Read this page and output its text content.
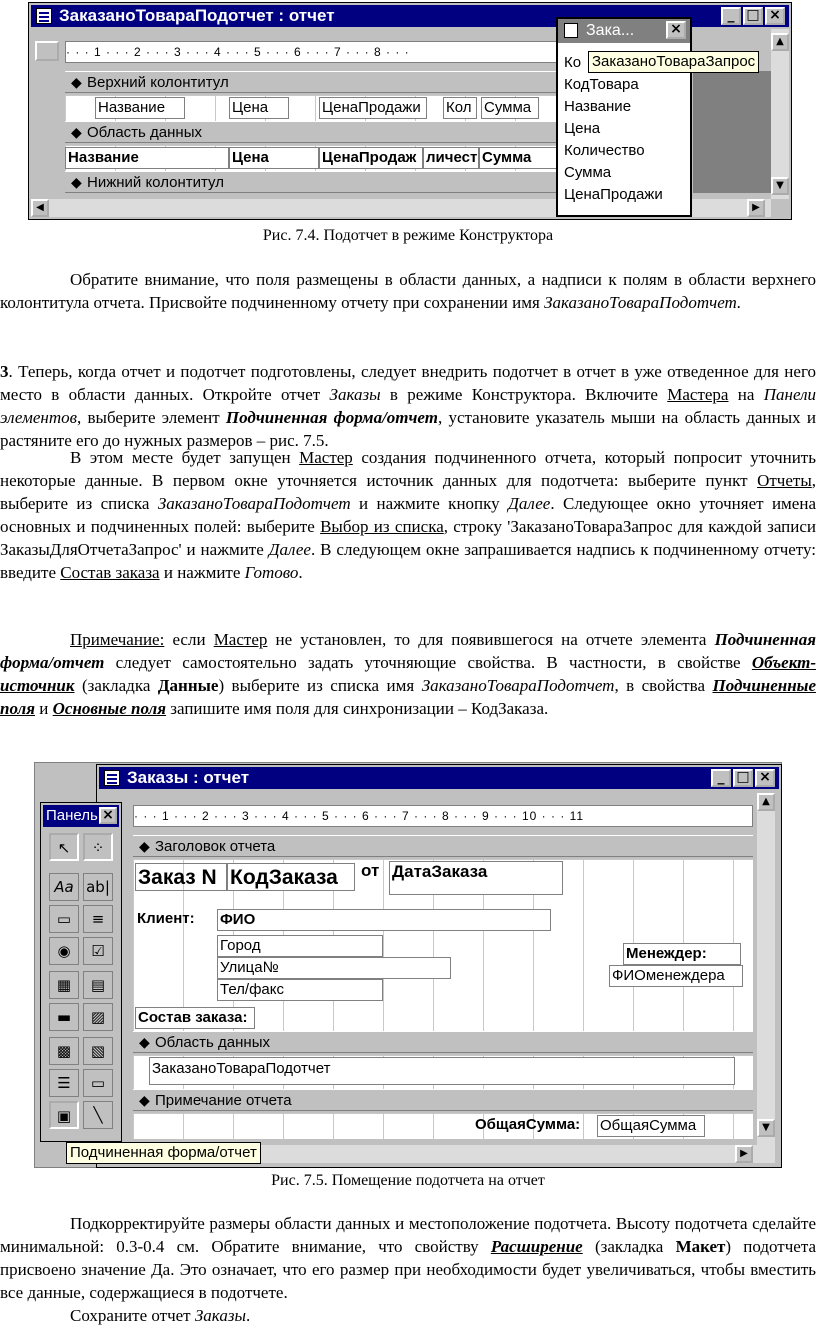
ЗаказаноТовараПодотчет : отчет	_ □ ×
· · · 1 · · · 2 · · · 3 · · · 4 · · · 5 · · · 6 · · · 7 · · · 8 · · ·
◆ Верхний колонтитул
Название	Цена	ЦенаПродажи	Кол Сумма
◆ Область данных
Название	Цена	ЦенаПродаж личест Сумма
◆ Нижний колонтитул
▲
▼
◀	▶
Зака...	×
Ко
КодТовара
Название
Цена
Количество
Сумма
ЦенаПродажи
ЗаказаноТовараЗапрос
Рис. 7.4. Подотчет в режиме Конструктора

Обратите внимание, что поля размещены в области данных, а надписи к полям в области верхнего колонтитула отчета. Присвойте подчиненному отчету при сохранении имя ЗаказаноТовараПодотчет.

3. Теперь, когда отчет и подотчет подготовлены, следует внедрить подотчет в отчет в уже отведенное для него место в области данных. Откройте отчет Заказы в режиме Конструктора. Включите Мастера на Панели элементов, выберите элемент Подчиненная форма/отчет, установите указатель мыши на область данных и растяните его до нужных размеров – рис. 7.5.

В этом месте будет запущен Мастер создания подчиненного отчета, который попросит уточнить некоторые данные. В первом окне уточняется источник данных для подотчета: выберите пункт Отчеты, выберите из списка ЗаказаноТовараПодотчет и нажмите кнопку Далее. Следующее окно уточняет имена основных и подчиненных полей: выберите Выбор из списка, строку 'ЗаказаноТовараЗапрос для каждой записи ЗаказыДляОтчетаЗапрос' и нажмите Далее. В следующем окне запрашивается надпись к подчиненному отчету: введите Состав заказа и нажмите Готово.

Примечание: если Мастер не установлен, то для появившегося на отчете элемента Подчиненная форма/отчет следует самостоятельно задать уточняющие свойства. В частности, в свойстве Объект-источник (закладка Данные) выберите из списка имя ЗаказаноТовараПодотчет, в свойства Подчиненные поля и Основные поля запишите имя поля для синхронизации – КодЗаказа.

Заказы : отчет	_ □ ×
· · · 1 · · · 2 · · · 3 · · · 4 · · · 5 · · · 6 · · · 7 · · · 8 · · · 9 · · · 10 · · · 11
◆ Заголовок отчета
Заказ N КодЗаказа	от ДатаЗаказа
Клиент:	ФИО
Город
Улица№
Тел/факс
Менеждер:
ФИОменеждера
Состав заказа:
◆ Область данных
ЗаказаноТовараПодотчет
◆ Примечание отчета
ОбщаяСумма:	ОбщаяСумма
▲
▼
▶
Панель ×
↖	⁘
Aa ab|
▭	≡
◉	☑
▦	▤
▬	▨
▩	▧
☰	▭
▣	╲
Подчиненная форма/отчет
Рис. 7.5. Помещение подотчета на отчет

Подкорректируйте размеры области данных и местоположение подотчета. Высоту подотчета сделайте минимальной: 0.3-0.4 см. Обратите внимание, что свойству Расширение (закладка Макет) подотчета присвоено значение Да. Это означает, что его размер при необходимости будет увеличиваться, чтобы вместить все данные, содержащиеся в подотчете.

Сохраните отчет Заказы.
